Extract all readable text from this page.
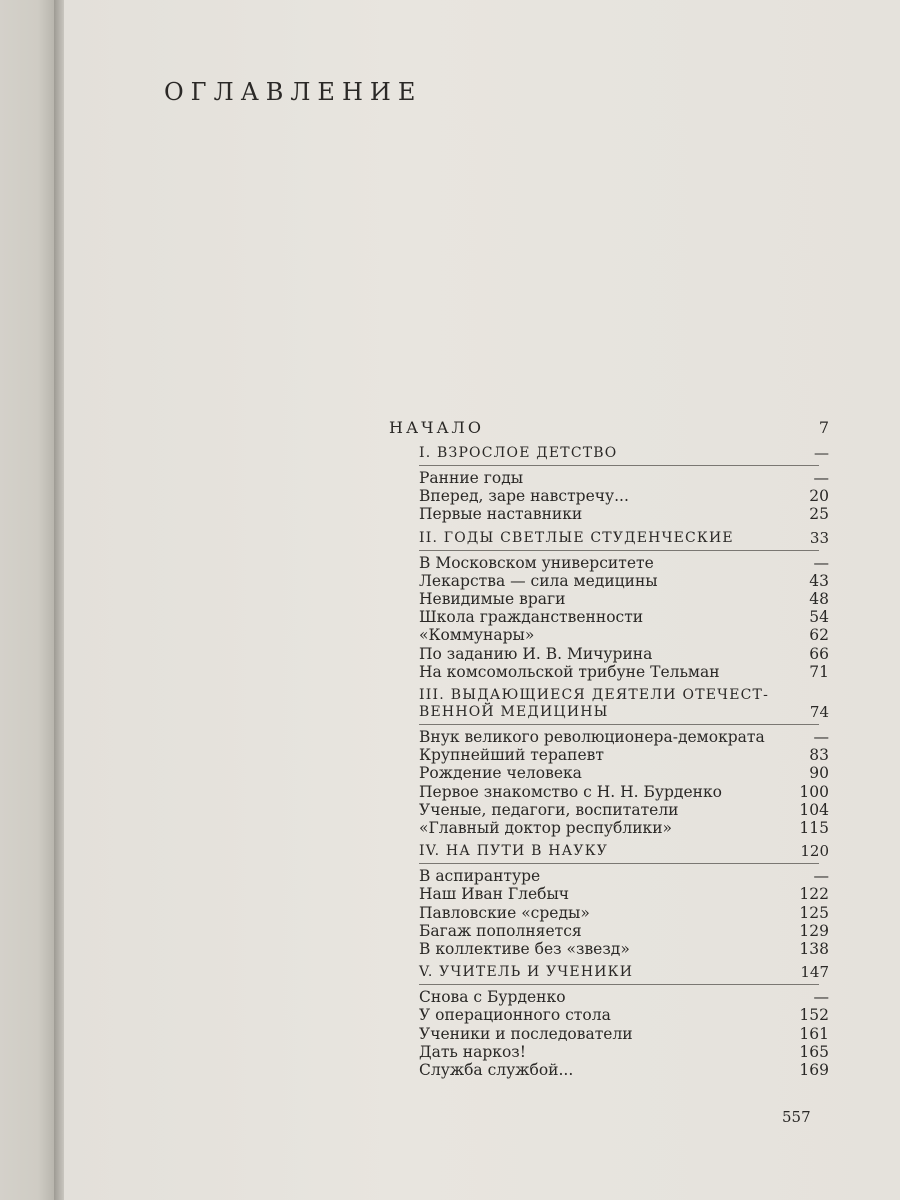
ОГЛАВЛЕНИЕ
НАЧАЛО	7
I. ВЗРОСЛОЕ ДЕТСТВО	—
Ранние годы	—
Вперед, заре навстречу...	20
Первые наставники	25
II. ГОДЫ СВЕТЛЫЕ СТУДЕНЧЕСКИЕ	33
В Московском университете	—
Лекарства — сила медицины	43
Невидимые враги	48
Школа гражданственности	54
«Коммунары»	62
По заданию И. В. Мичурина	66
На комсомольской трибуне Тельман	71
III. ВЫДАЮЩИЕСЯ ДЕЯТЕЛИ ОТЕЧЕСТ-ВЕННОЙ МЕДИЦИНЫ	74
Внук великого революционера-демократа	—
Крупнейший терапевт	83
Рождение человека	90
Первое знакомство с Н. Н. Бурденко	100
Ученые, педагоги, воспитатели	104
«Главный доктор республики»	115
IV. НА ПУТИ В НАУКУ	120
В аспирантуре	—
Наш Иван Глебыч	122
Павловские «среды»	125
Багаж пополняется	129
В коллективе без «звезд»	138
V. УЧИТЕЛЬ И УЧЕНИКИ	147
Снова с Бурденко	—
У операционного стола	152
Ученики и последователи	161
Дать наркоз!	165
Служба службой...	169
557
